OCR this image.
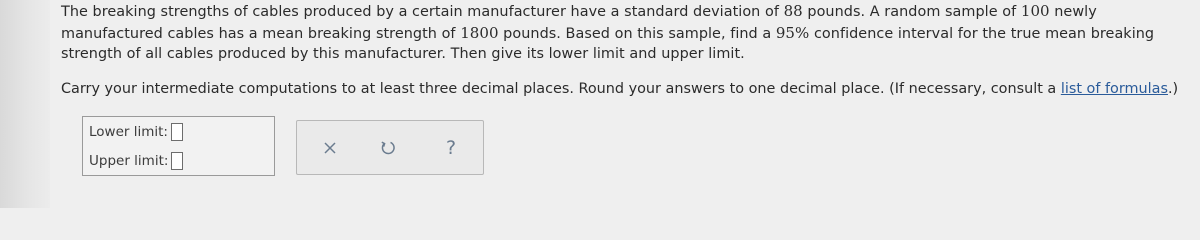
The breaking strengths of cables produced by a certain manufacturer have a standard deviation of 88 pounds. A random sample of 100 newly manufactured cables has a mean breaking strength of 1800 pounds. Based on this sample, find a 95% confidence interval for the true mean breaking strength of all cables produced by this manufacturer. Then give its lower limit and upper limit.

Carry your intermediate computations to at least three decimal places. Round your answers to one decimal place. (If necessary, consult a list of formulas.)

Lower limit:
Upper limit:
?
